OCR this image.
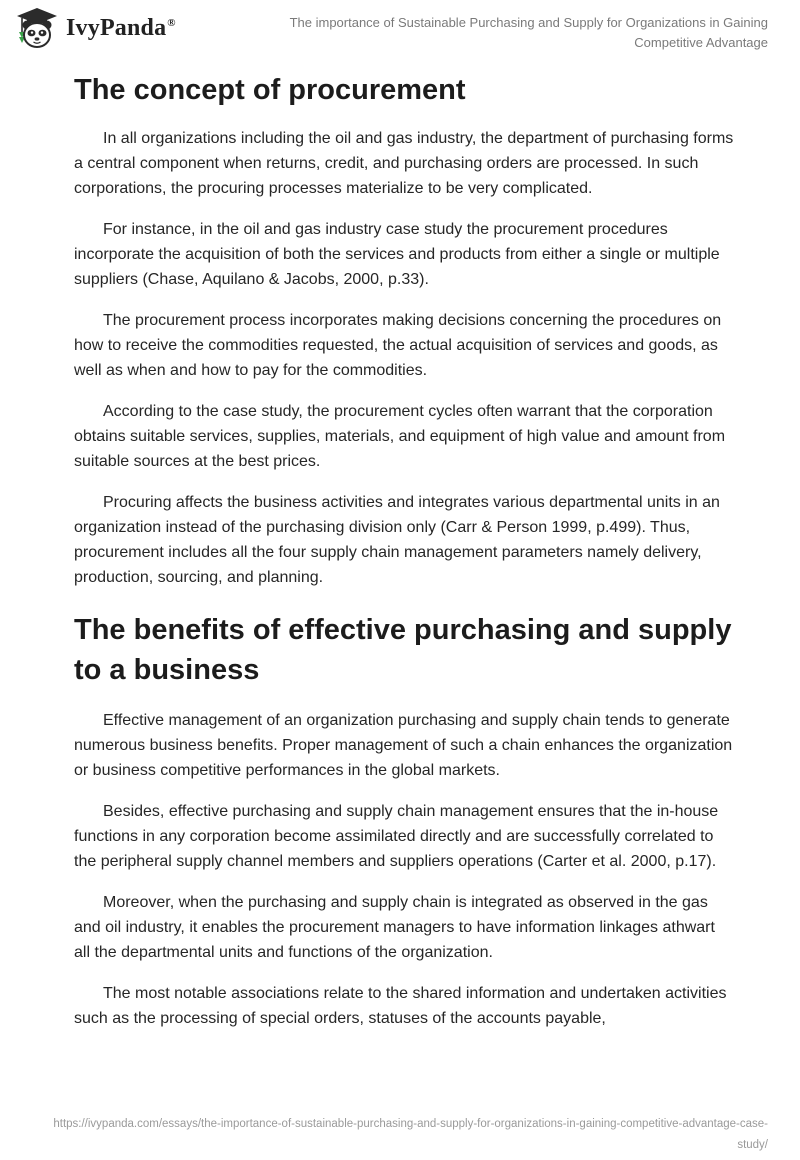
IvyPanda®	The importance of Sustainable Purchasing and Supply for Organizations in Gaining Competitive Advantage
The concept of procurement

In all organizations including the oil and gas industry, the department of purchasing forms a central component when returns, credit, and purchasing orders are processed. In such corporations, the procuring processes materialize to be very complicated.

For instance, in the oil and gas industry case study the procurement procedures incorporate the acquisition of both the services and products from either a single or multiple suppliers (Chase, Aquilano & Jacobs, 2000, p.33).

The procurement process incorporates making decisions concerning the procedures on how to receive the commodities requested, the actual acquisition of services and goods, as well as when and how to pay for the commodities.

According to the case study, the procurement cycles often warrant that the corporation obtains suitable services, supplies, materials, and equipment of high value and amount from suitable sources at the best prices.

Procuring affects the business activities and integrates various departmental units in an organization instead of the purchasing division only (Carr & Person 1999, p.499). Thus, procurement includes all the four supply chain management parameters namely delivery, production, sourcing, and planning.

The benefits of effective purchasing and supply to a business

Effective management of an organization purchasing and supply chain tends to generate numerous business benefits. Proper management of such a chain enhances the organization or business competitive performances in the global markets.

Besides, effective purchasing and supply chain management ensures that the in-house functions in any corporation become assimilated directly and are successfully correlated to the peripheral supply channel members and suppliers operations (Carter et al. 2000, p.17).

Moreover, when the purchasing and supply chain is integrated as observed in the gas and oil industry, it enables the procurement managers to have information linkages athwart all the departmental units and functions of the organization.

The most notable associations relate to the shared information and undertaken activities such as the processing of special orders, statuses of the accounts payable,

https://ivypanda.com/essays/the-importance-of-sustainable-purchasing-and-supply-for-organizations-in-gaining-competitive-advantage-case-study/
